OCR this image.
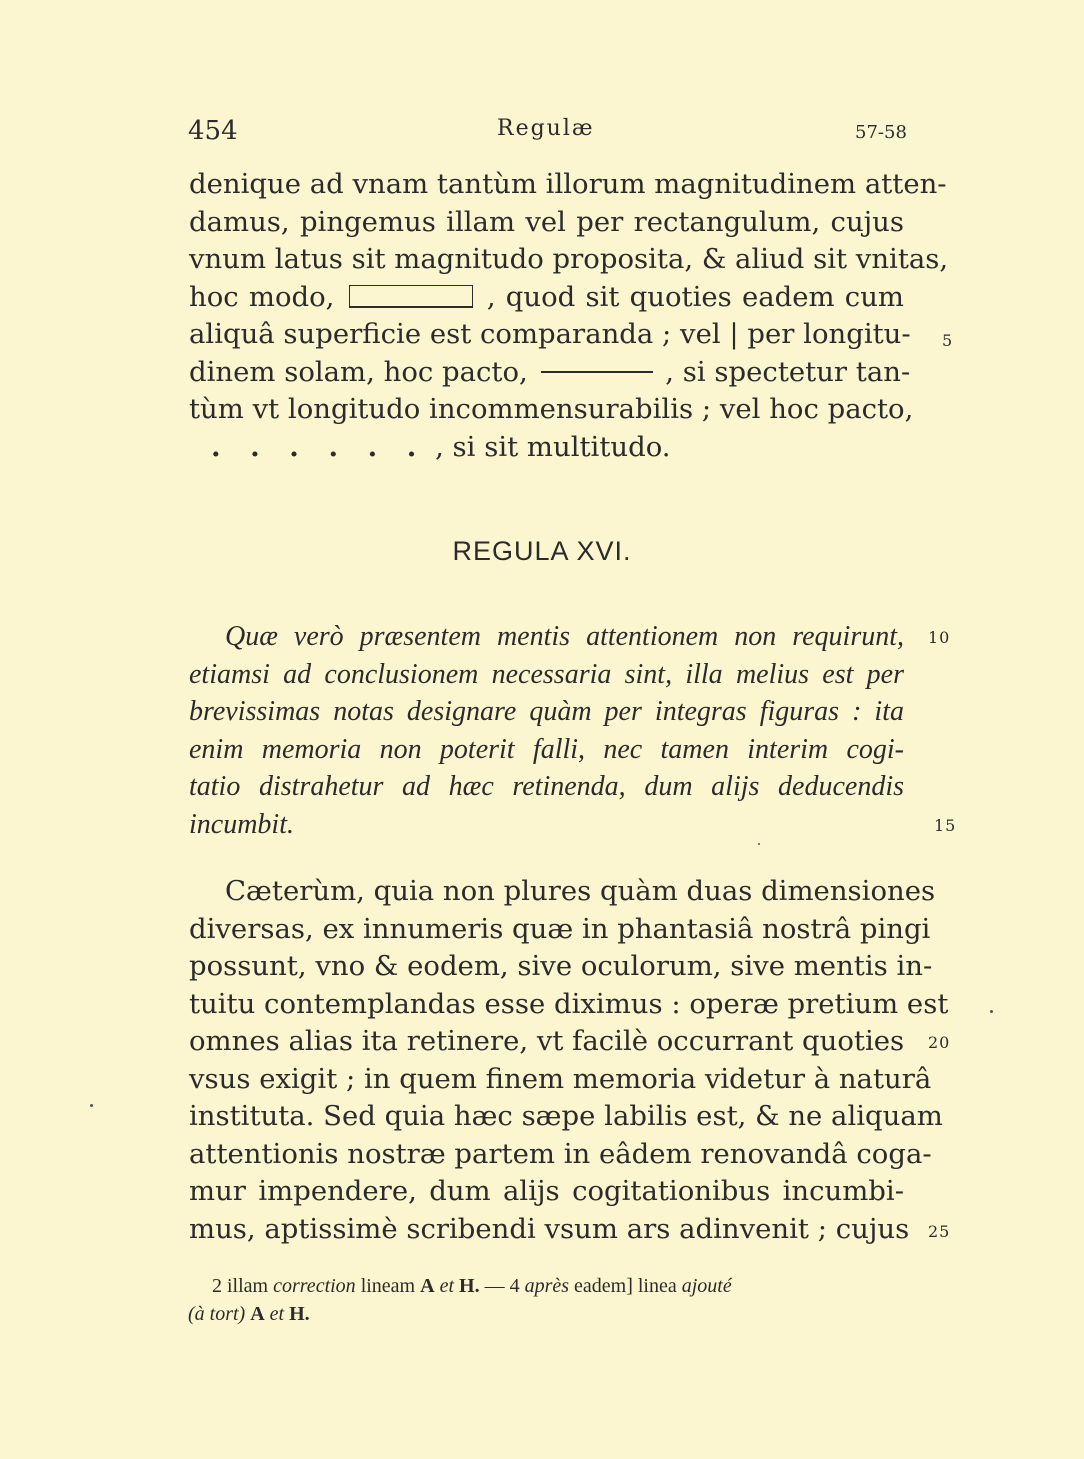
454	Regulæ	57-58
denique ad vnam tantùm illorum magnitudinem atten-
damus, pingemus illam vel per rectangulum, cujus
vnum latus sit magnitudo proposita, & aliud sit vnitas,
hoc modo,	, quod sit quoties eadem cum
aliquâ superficie est comparanda ; vel | per longitu-
dinem solam, hoc pacto,	, si spectetur tan-
tùm vt longitudo incommensurabilis ; vel hoc pacto,
. . . . . . , si sit multitudo.
5
REGULA XVI.
Quæ verò præsentem mentis attentionem non requirunt,
etiamsi ad conclusionem necessaria sint, illa melius est per
brevissimas notas designare quàm per integras figuras : ita
enim memoria non poterit falli, nec tamen interim cogi-
tatio distrahetur ad hæc retinenda, dum alijs deducendis
incumbit.
10
15
Cæterùm, quia non plures quàm duas dimensiones
diversas, ex innumeris quæ in phantasiâ nostrâ pingi
possunt, vno & eodem, sive oculorum, sive mentis in-
tuitu contemplandas esse diximus : operæ pretium est
omnes alias ita retinere, vt facilè occurrant quoties
vsus exigit ; in quem finem memoria videtur à naturâ
instituta. Sed quia hæc sæpe labilis est, & ne aliquam
attentionis nostræ partem in eâdem renovandâ coga-
mur impendere, dum alijs cogitationibus incumbi-
mus, aptissimè scribendi vsum ars adinvenit ; cujus
20
25
2 illam correction lineam A et H. — 4 après eadem] linea ajouté
(à tort) A et H.
